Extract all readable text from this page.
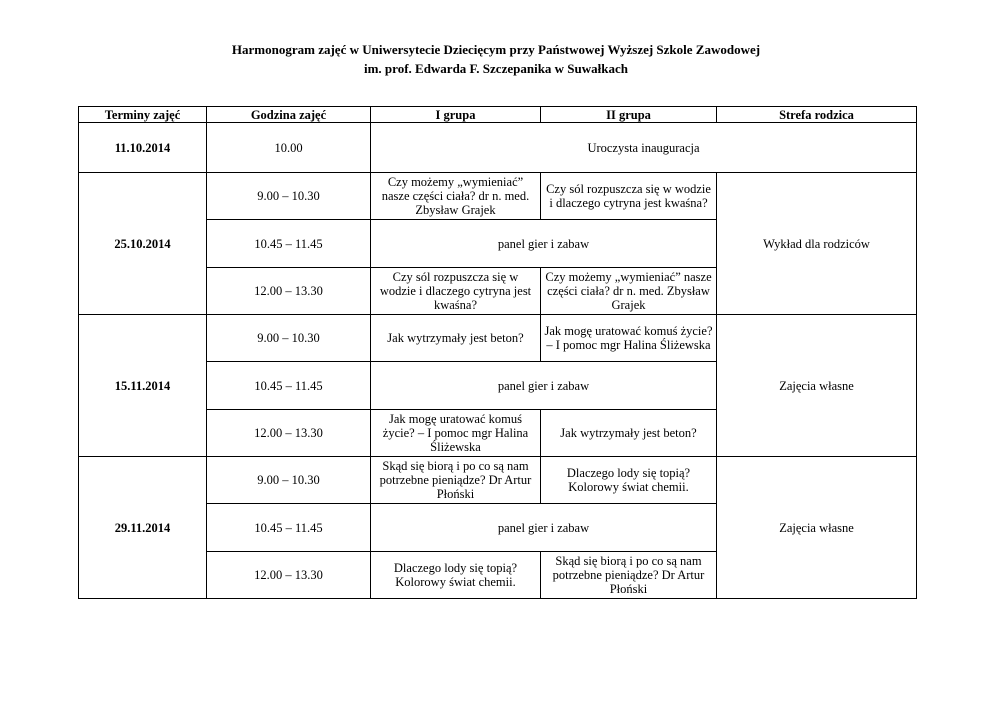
Harmonogram zajęć w Uniwersytecie Dziecięcym przy Państwowej Wyższej Szkole Zawodowej
im. prof. Edwarda F. Szczepanika w Suwałkach
Terminy zajęć	Godzina zajęć	I grupa	II grupa	Strefa rodzica
11.10.2014	10.00	Uroczysta inauguracja		
25.10.2014	9.00 – 10.30	Czy możemy „wymieniać” nasze części ciała? dr n. med. Zbysław Grajek	Czy sól rozpuszcza się w wodzie i dlaczego cytryna jest kwaśna?	Wykład dla rodziców
	10.45 – 11.45	panel gier i zabaw		
	12.00 – 13.30	Czy sól rozpuszcza się w wodzie i dlaczego cytryna jest kwaśna?	Czy możemy „wymieniać” nasze części ciała? dr n. med. Zbysław Grajek	
15.11.2014	9.00 – 10.30	Jak wytrzymały jest beton?	Jak mogę uratować komuś życie? – I pomoc mgr Halina Śliżewska	Zajęcia własne
	10.45 – 11.45	panel gier i zabaw		
	12.00 – 13.30	Jak mogę uratować komuś życie? – I pomoc mgr Halina Śliżewska	Jak wytrzymały jest beton?	
29.11.2014	9.00 – 10.30	Skąd się biorą i po co są nam potrzebne pieniądze? Dr Artur Płoński	Dlaczego lody się topią? Kolorowy świat chemii.	Zajęcia własne
	10.45 – 11.45	panel gier i zabaw		
	12.00 – 13.30	Dlaczego lody się topią? Kolorowy świat chemii.	Skąd się biorą i po co są nam potrzebne pieniądze? Dr Artur Płoński	
